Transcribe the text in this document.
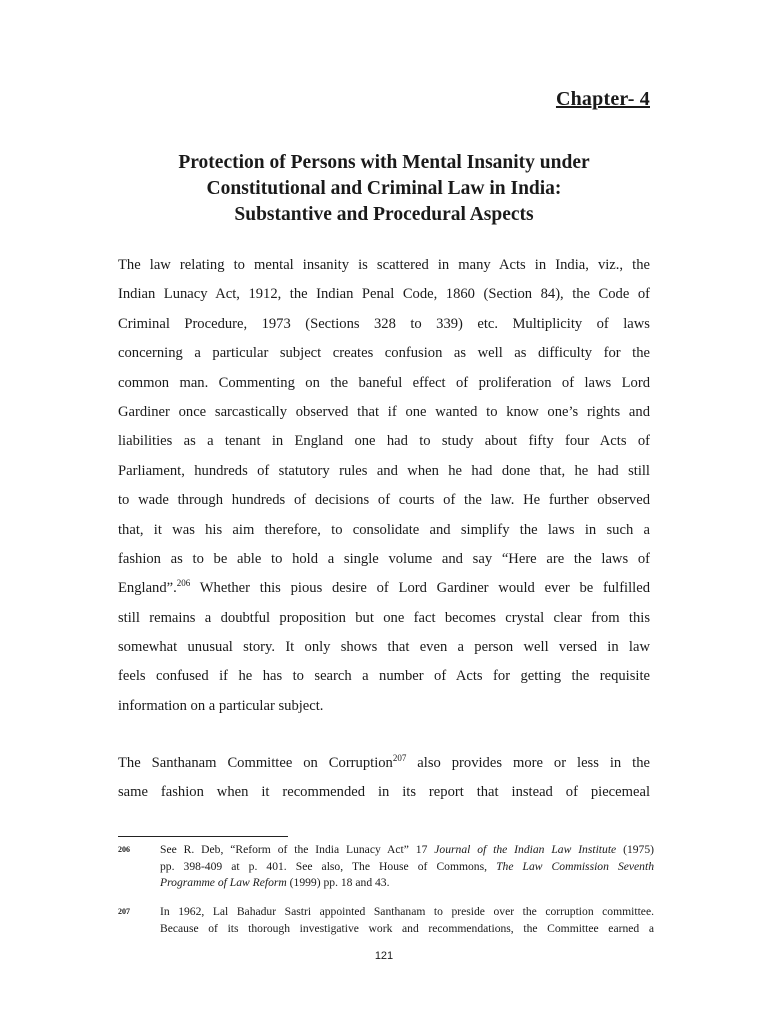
Chapter- 4
Protection of Persons with Mental Insanity under
Constitutional and Criminal Law in India:
Substantive and Procedural Aspects
The law relating to mental insanity is scattered in many Acts in India, viz., the
Indian Lunacy Act, 1912, the Indian Penal Code, 1860 (Section 84), the Code of
Criminal Procedure, 1973 (Sections 328 to 339) etc. Multiplicity of laws
concerning a particular subject creates confusion as well as difficulty for the
common man. Commenting on the baneful effect of proliferation of laws Lord
Gardiner once sarcastically observed that if one wanted to know one’s rights and
liabilities as a tenant in England one had to study about fifty four Acts of
Parliament, hundreds of statutory rules and when he had done that, he had still
to wade through hundreds of decisions of courts of the law. He further observed
that, it was his aim therefore, to consolidate and simplify the laws in such a
fashion as to be able to hold a single volume and say “Here are the laws of
England”.$^{206}$ Whether this pious desire of Lord Gardiner would ever be fulfilled
still remains a doubtful proposition but one fact becomes crystal clear from this
somewhat unusual story. It only shows that even a person well versed in law
feels confused if he has to search a number of Acts for getting the requisite
information on a particular subject.
The Santhanam Committee on Corruption$^{207}$ also provides more or less in the
same fashion when it recommended in its report that instead of piecemeal
206	See R. Deb, “Reform of the India Lunacy Act” 17 Journal of the Indian Law Institute (1975)
pp. 398-409 at p. 401. See also, The House of Commons, The Law Commission Seventh
Programme of Law Reform (1999) pp. 18 and 43.
207	In 1962, Lal Bahadur Sastri appointed Santhanam to preside over the corruption committee.
Because of its thorough investigative work and recommendations, the Committee earned a
121
